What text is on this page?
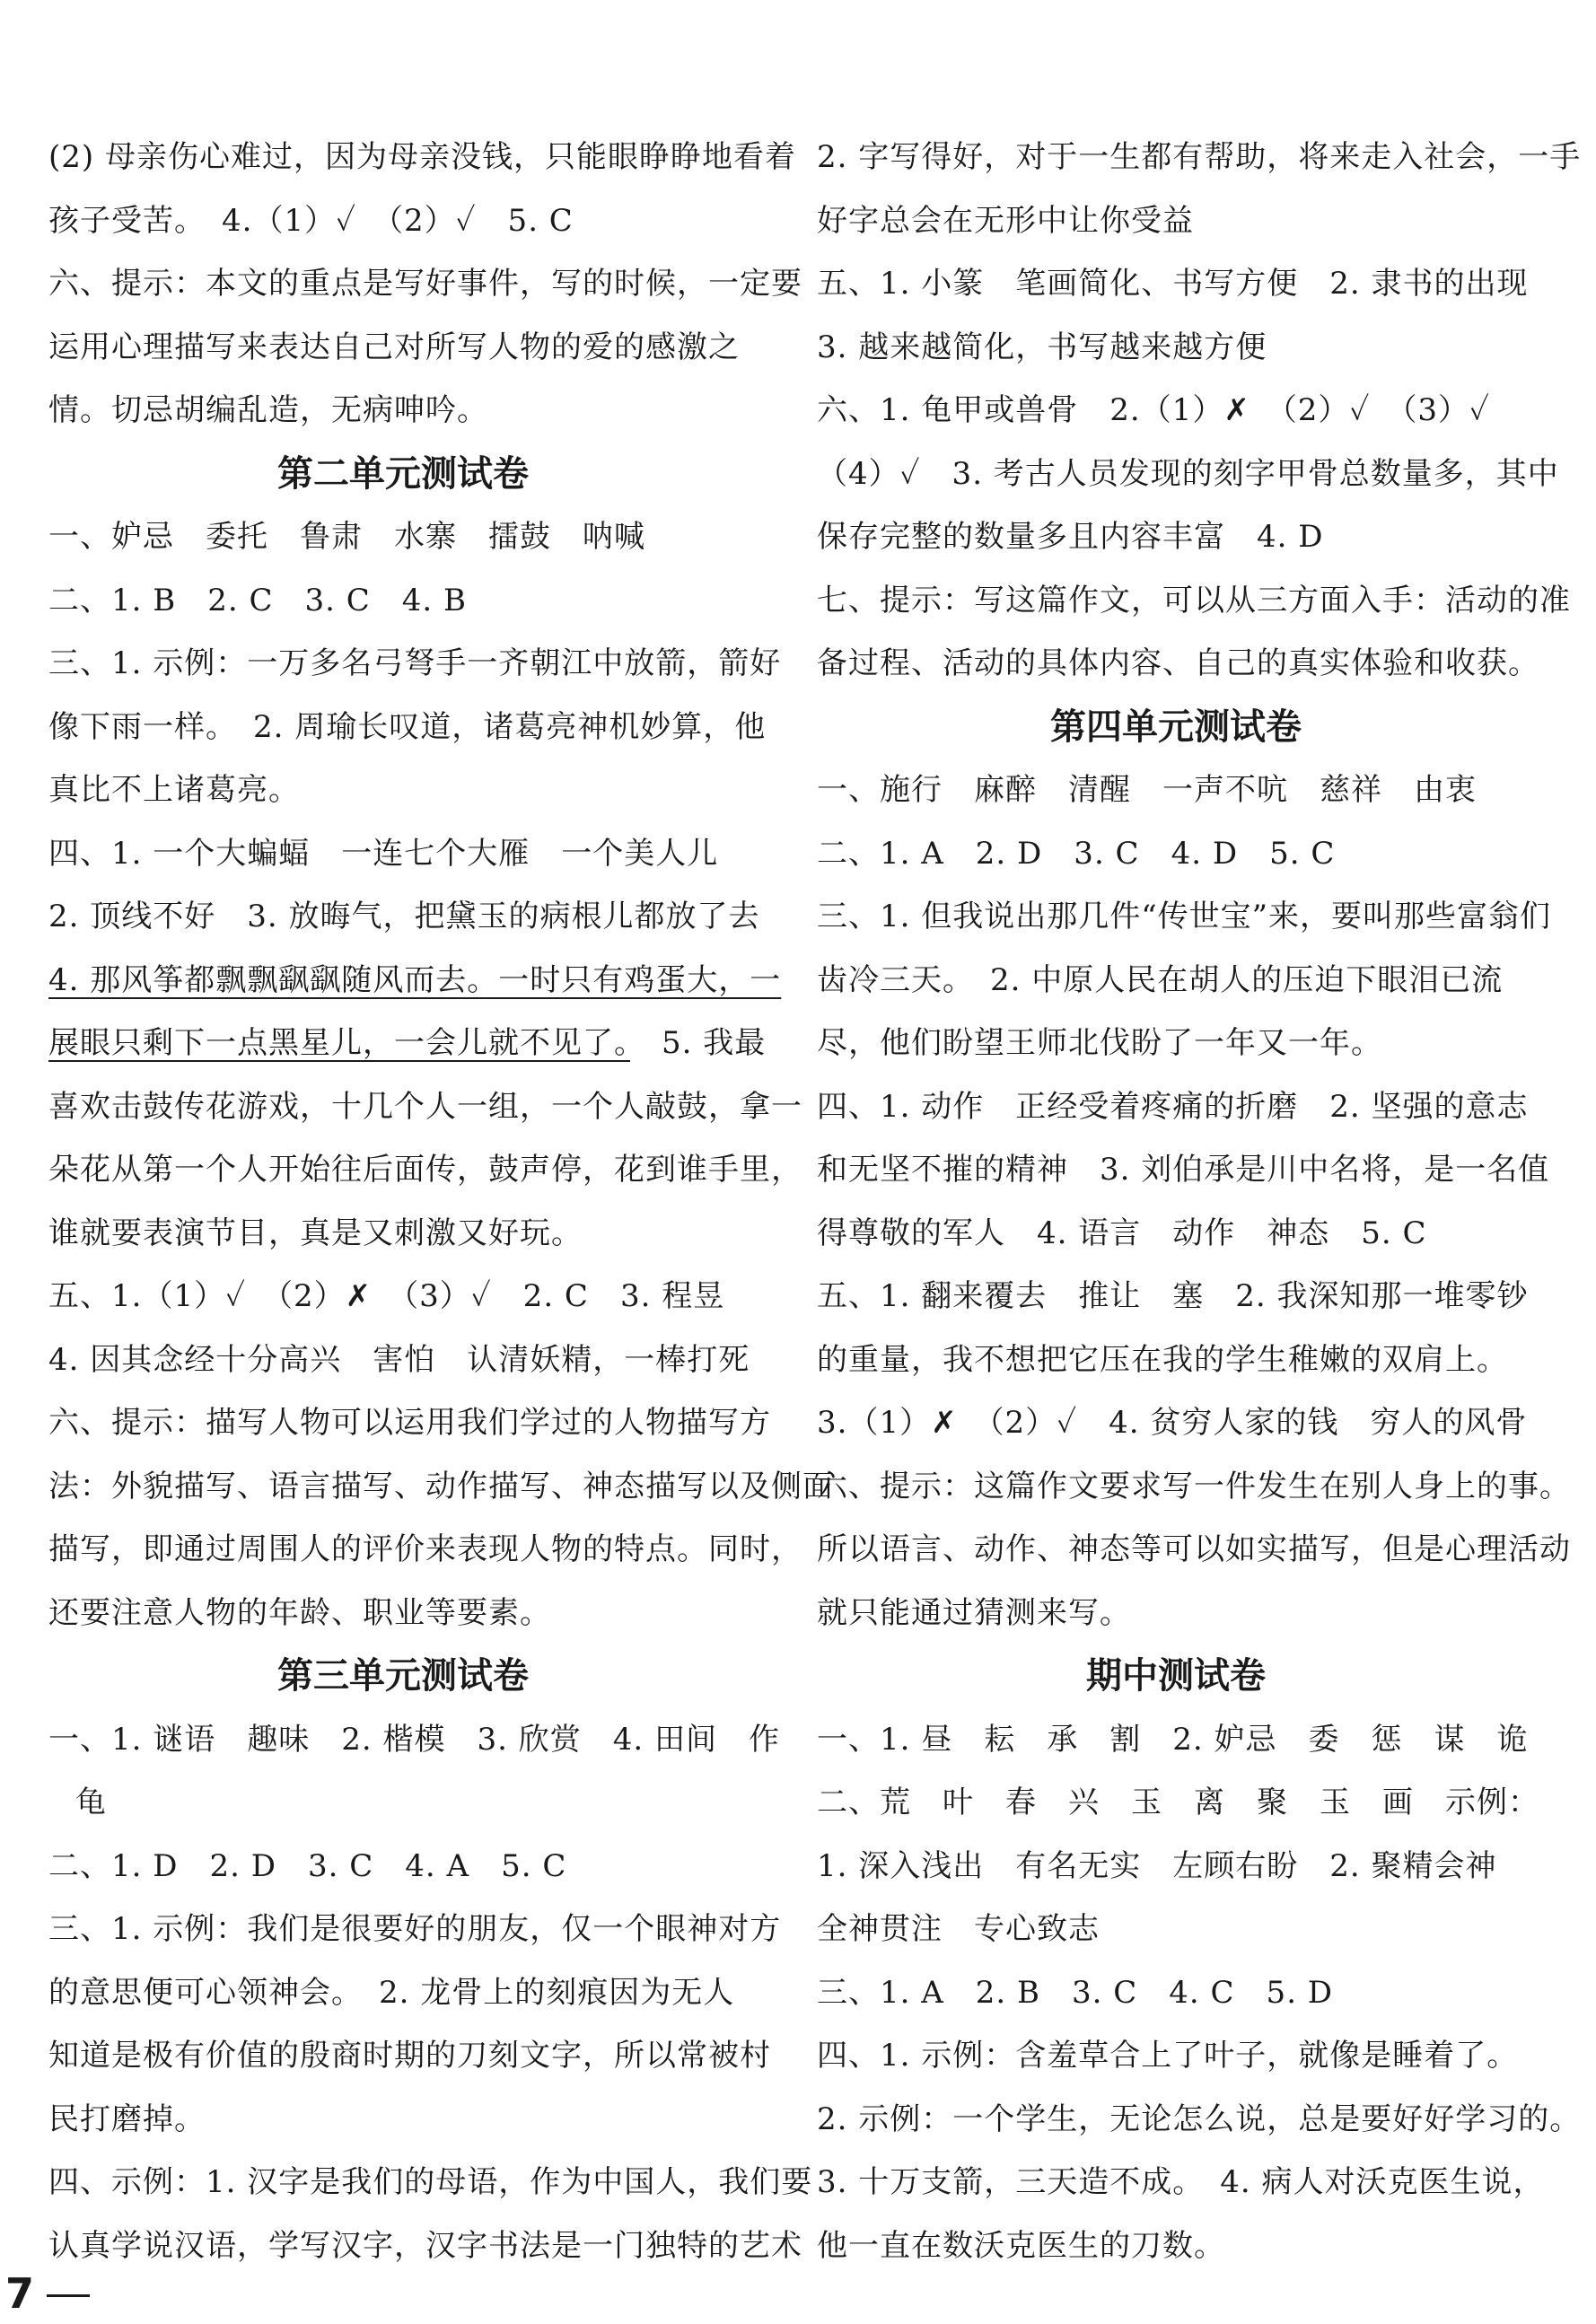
(2) 母亲伤心难过，因为母亲没钱，只能眼睁睁地看着
孩子受苦。　4.（1）✓　（2）✓　5. C
六、提示：本文的重点是写好事件，写的时候，一定要
运用心理描写来表达自己对所写人物的爱的感激之
情。切忌胡编乱造，无病呻吟。
第二单元测试卷
一、妒忌　委托　鲁肃　水寨　擂鼓　呐喊
二、1. B　2. C　3. C　4. B
三、1. 示例：一万多名弓弩手一齐朝江中放箭，箭好
像下雨一样。　2. 周瑜长叹道，诸葛亮神机妙算，他
真比不上诸葛亮。
四、1. 一个大蝙蝠　一连七个大雁　一个美人儿
2. 顶线不好　3. 放晦气，把黛玉的病根儿都放了去
4. 那风筝都飘飘飖飖随风而去。一时只有鸡蛋大，一
展眼只剩下一点黑星儿，一会儿就不见了。　5. 我最
喜欢击鼓传花游戏，十几个人一组，一个人敲鼓，拿一
朵花从第一个人开始往后面传，鼓声停，花到谁手里，
谁就要表演节目，真是又刺激又好玩。
五、1.（1）✓　（2）✗　（3）✓　2. C　3. 程昱
4. 因其念经十分高兴　害怕　认清妖精，一棒打死
六、提示：描写人物可以运用我们学过的人物描写方
法：外貌描写、语言描写、动作描写、神态描写以及侧面
描写，即通过周围人的评价来表现人物的特点。同时，
还要注意人物的年龄、职业等要素。
第三单元测试卷
一、1. 谜语　趣味　2. 楷模　3. 欣赏　4. 田间　作
龟
二、1. D　2. D　3. C　4. A　5. C
三、1. 示例：我们是很要好的朋友，仅一个眼神对方
的意思便可心领神会。　2. 龙骨上的刻痕因为无人
知道是极有价值的殷商时期的刀刻文字，所以常被村
民打磨掉。
四、示例：1. 汉字是我们的母语，作为中国人，我们要
认真学说汉语，学写汉字，汉字书法是一门独特的艺术
2. 字写得好，对于一生都有帮助，将来走入社会，一手
好字总会在无形中让你受益
五、1. 小篆　笔画简化、书写方便　2. 隶书的出现
3. 越来越简化，书写越来越方便
六、1. 龟甲或兽骨　2.（1）✗　（2）✓　（3）✓
（4）✓　3. 考古人员发现的刻字甲骨总数量多，其中
保存完整的数量多且内容丰富　4. D
七、提示：写这篇作文，可以从三方面入手：活动的准
备过程、活动的具体内容、自己的真实体验和收获。
第四单元测试卷
一、施行　麻醉　清醒　一声不吭　慈祥　由衷
二、1. A　2. D　3. C　4. D　5. C
三、1. 但我说出那几件“传世宝”来，要叫那些富翁们
齿冷三天。　2. 中原人民在胡人的压迫下眼泪已流
尽，他们盼望王师北伐盼了一年又一年。
四、1. 动作　正经受着疼痛的折磨　2. 坚强的意志
和无坚不摧的精神　3. 刘伯承是川中名将，是一名值
得尊敬的军人　4. 语言　动作　神态　5. C
五、1. 翻来覆去　推让　塞　2. 我深知那一堆零钞
的重量，我不想把它压在我的学生稚嫩的双肩上。
3.（1）✗　（2）✓　4. 贫穷人家的钱　穷人的风骨
六、提示：这篇作文要求写一件发生在别人身上的事。
所以语言、动作、神态等可以如实描写，但是心理活动
就只能通过猜测来写。
期中测试卷
一、1. 昼　耘　承　割　2. 妒忌　委　惩　谋　诡
二、荒　叶　春　兴　玉　离　聚　玉　画　示例：
1. 深入浅出　有名无实　左顾右盼　2. 聚精会神
全神贯注　专心致志
三、1. A　2. B　3. C　4. C　5. D
四、1. 示例：含羞草合上了叶子，就像是睡着了。
2. 示例：一个学生，无论怎么说，总是要好好学习的。
3. 十万支箭，三天造不成。　4. 病人对沃克医生说，
他一直在数沃克医生的刀数。
7
